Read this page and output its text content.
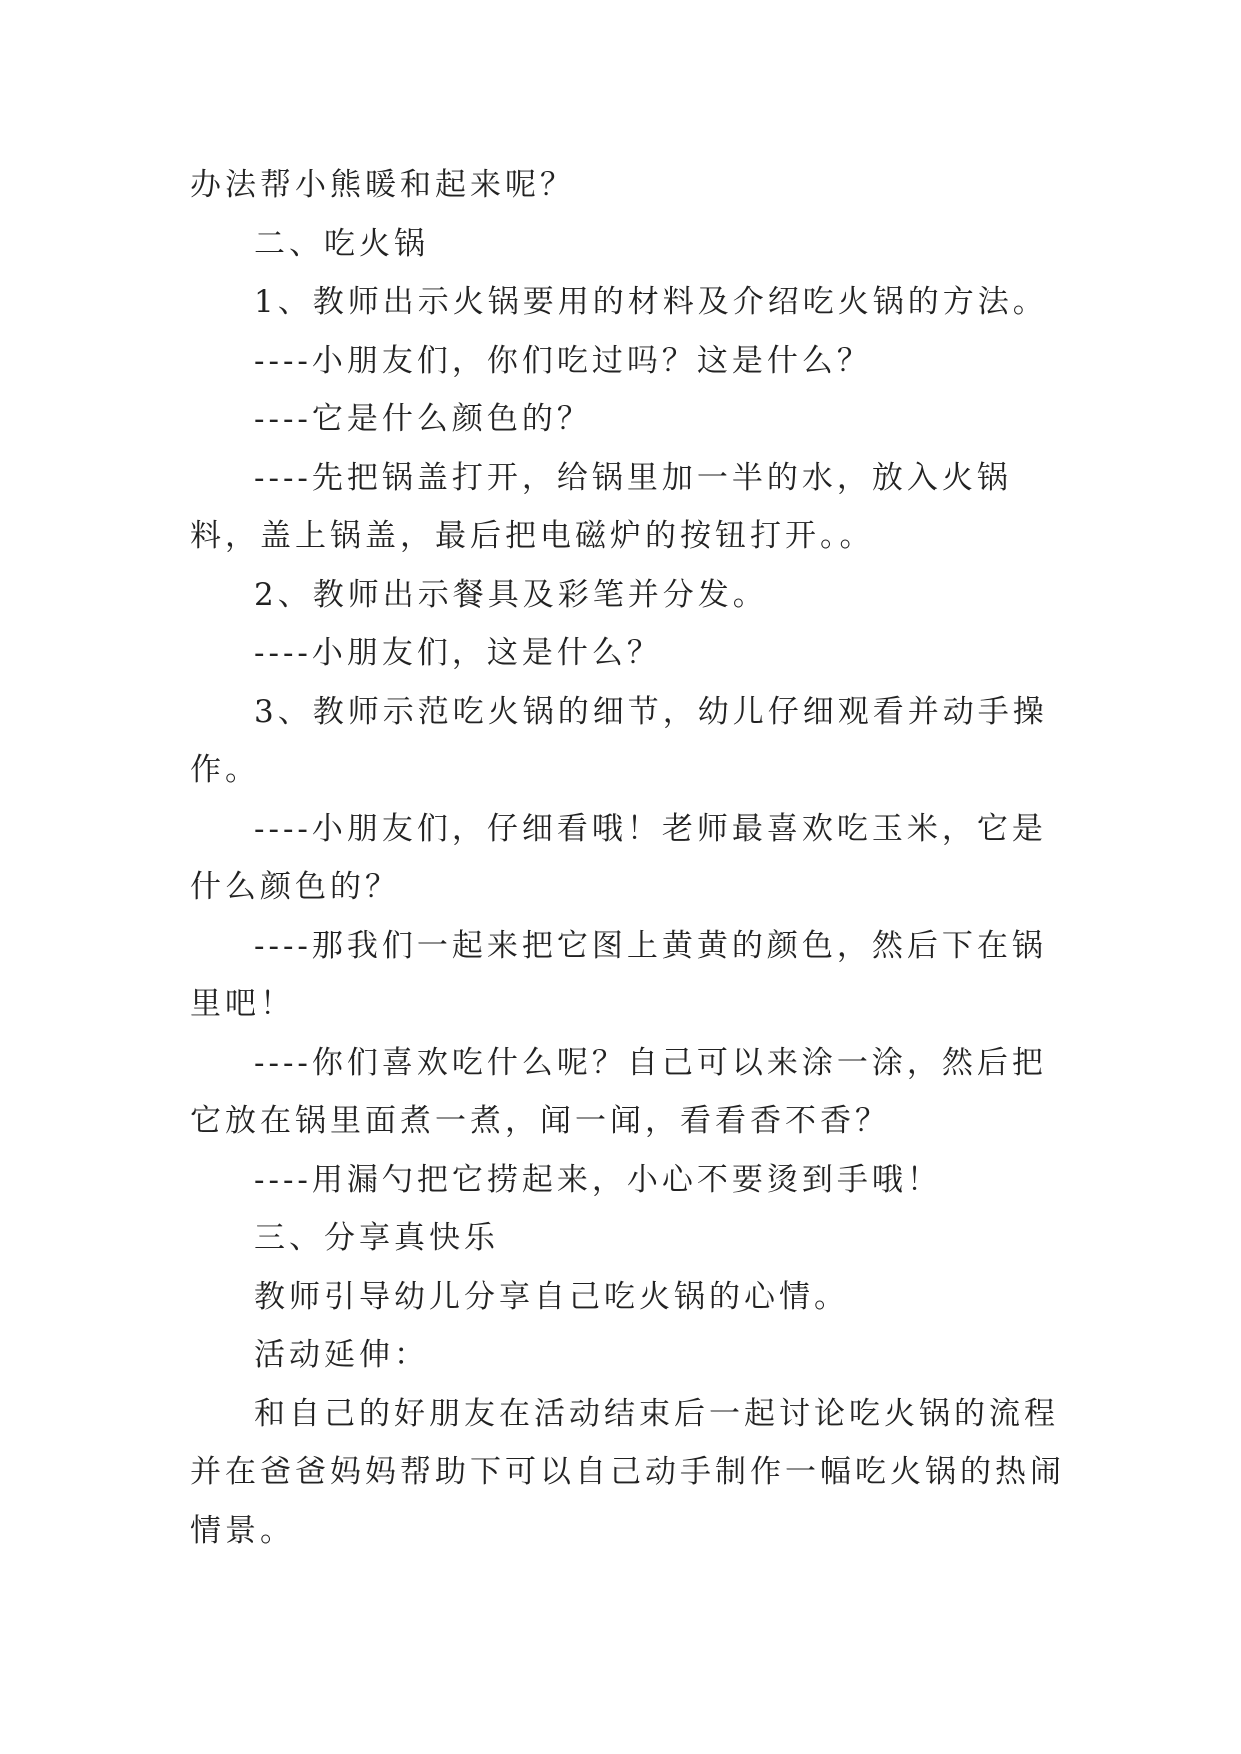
办法帮小熊暖和起来呢？

二、吃火锅

1、教师出示火锅要用的材料及介绍吃火锅的方法。

----小朋友们，你们吃过吗？这是什么？

----它是什么颜色的？

----先把锅盖打开，给锅里加一半的水，放入火锅料，盖上锅盖，最后把电磁炉的按钮打开。。

2、教师出示餐具及彩笔并分发。

----小朋友们，这是什么？

3、教师示范吃火锅的细节，幼儿仔细观看并动手操作。

----小朋友们，仔细看哦！老师最喜欢吃玉米，它是什么颜色的？

----那我们一起来把它图上黄黄的颜色，然后下在锅里吧！

----你们喜欢吃什么呢？自己可以来涂一涂，然后把它放在锅里面煮一煮，闻一闻，看看香不香？

----用漏勺把它捞起来，小心不要烫到手哦！

三、分享真快乐

教师引导幼儿分享自己吃火锅的心情。

活动延伸：

和自己的好朋友在活动结束后一起讨论吃火锅的流程并在爸爸妈妈帮助下可以自己动手制作一幅吃火锅的热闹情景。
